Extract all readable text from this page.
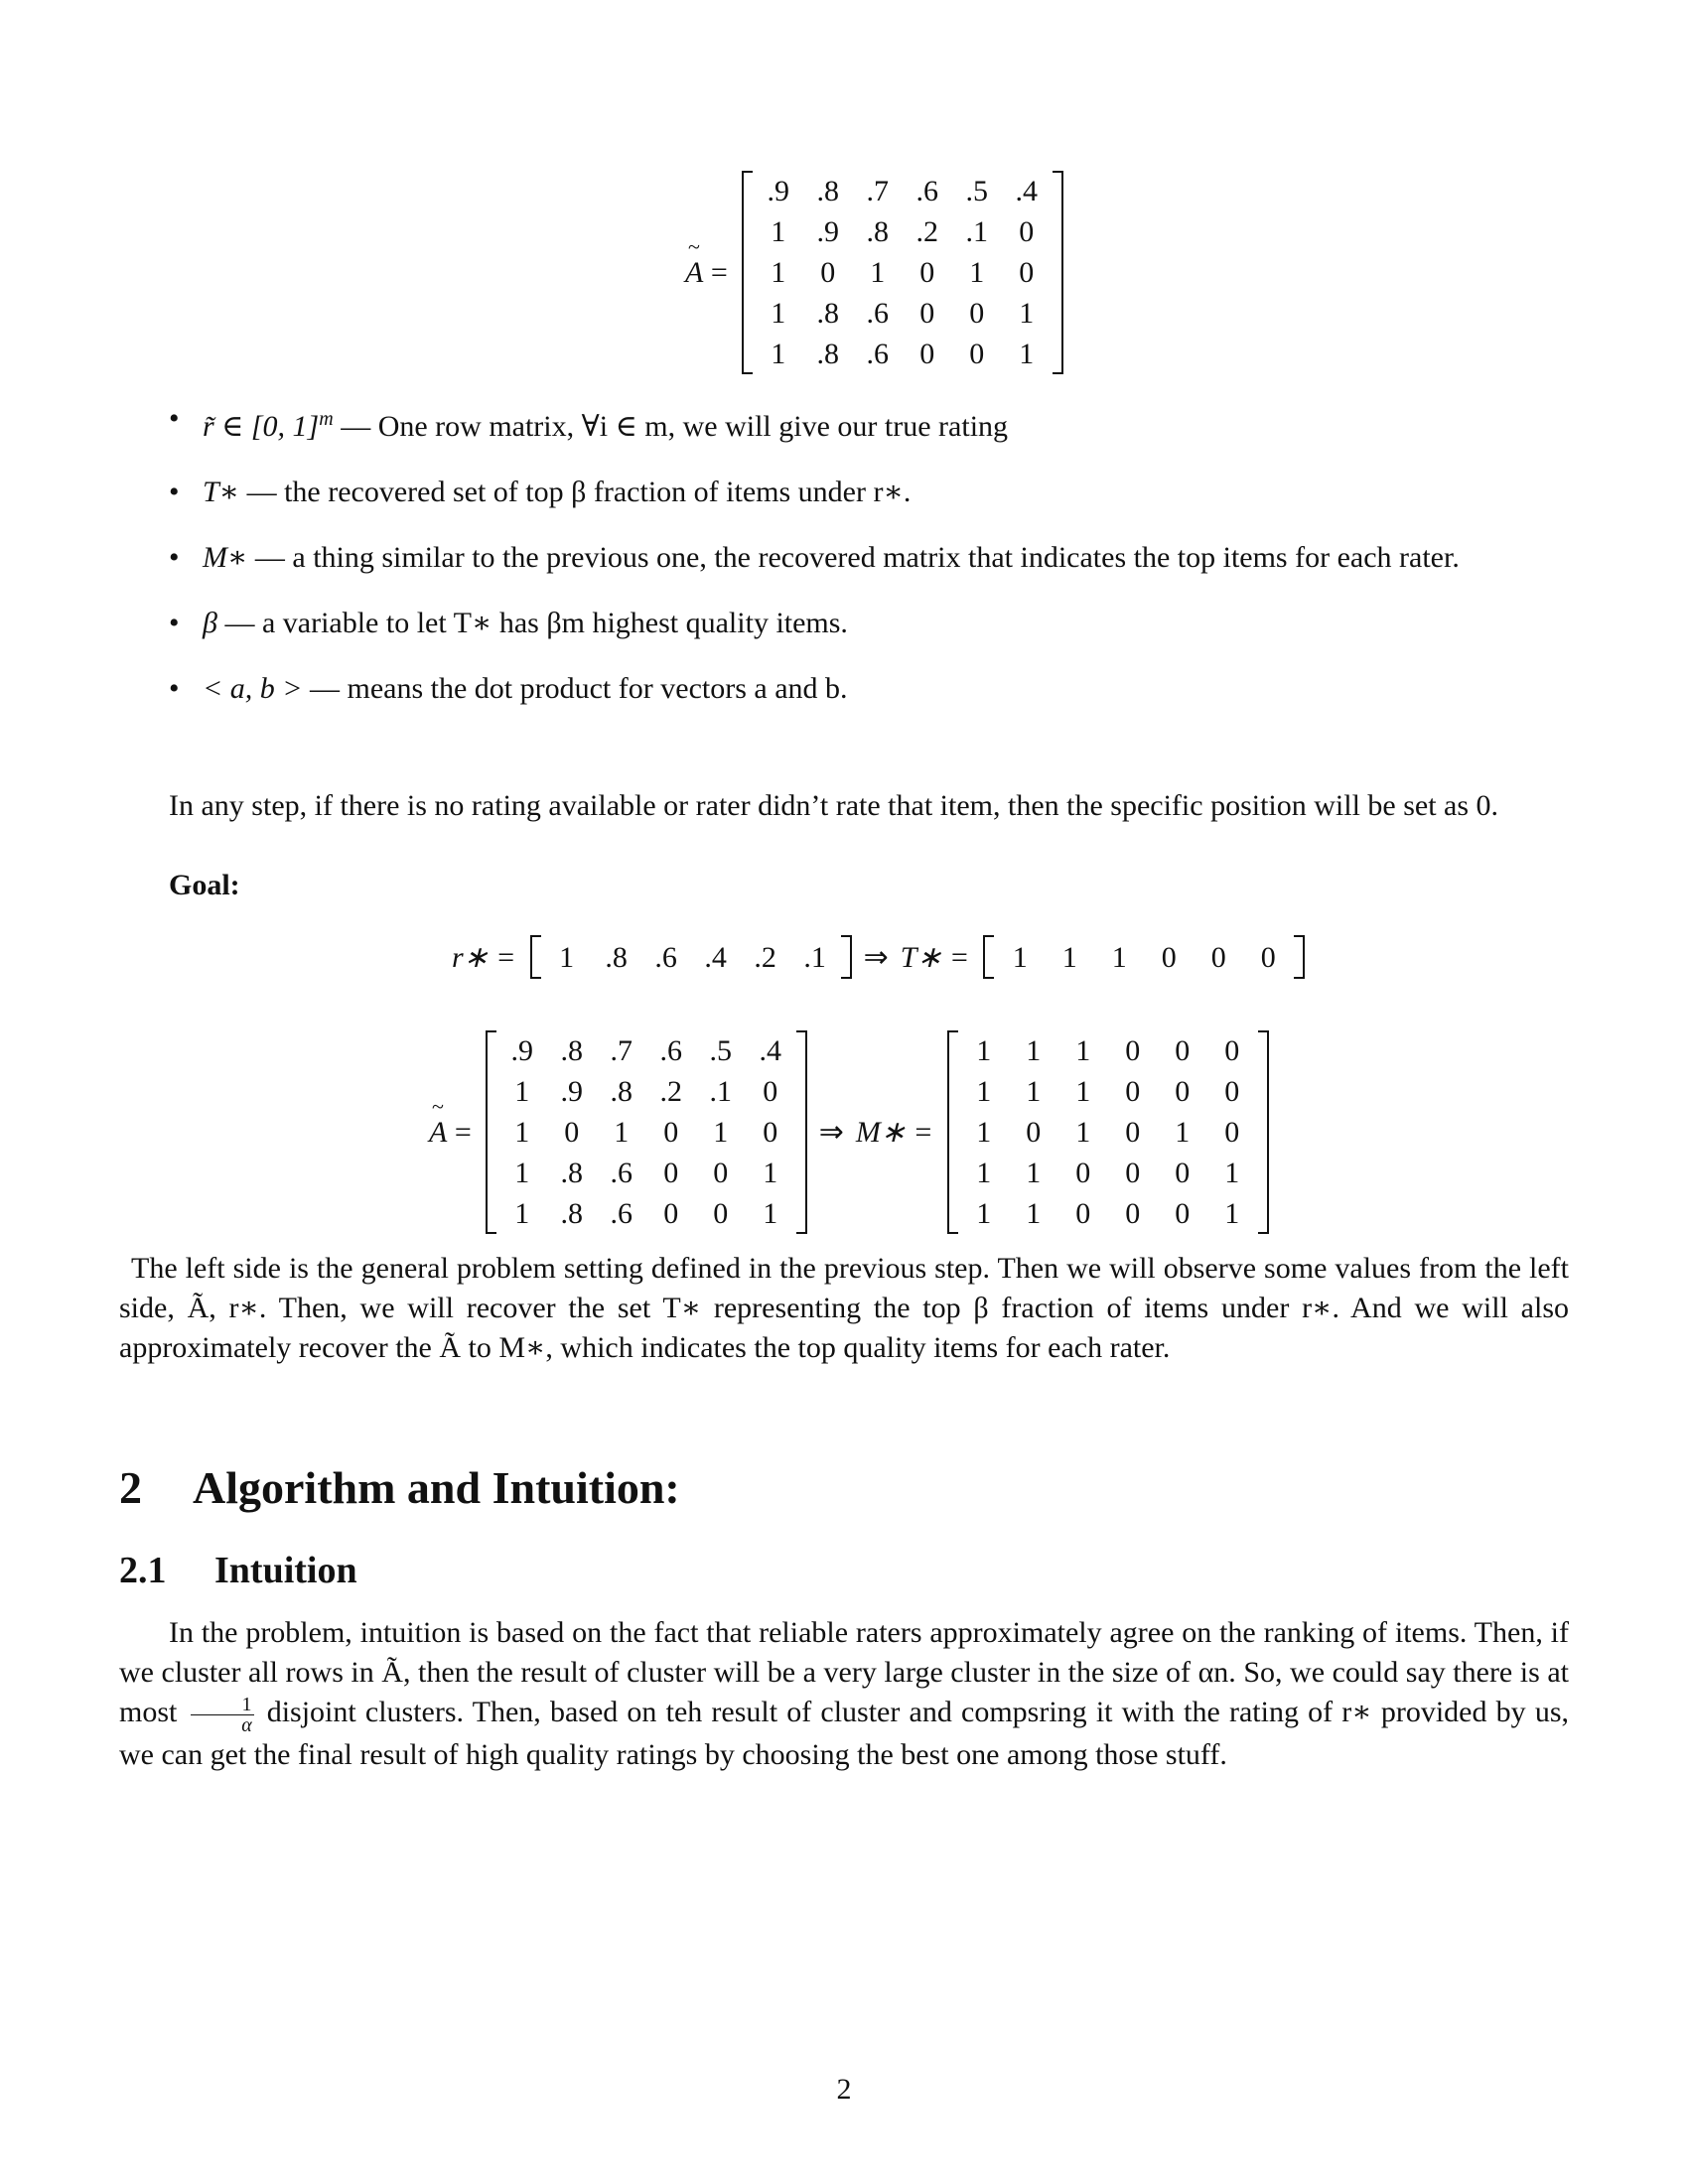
~ A =
.9	.8	.7	.6	.5	.4
1	.9	.8	.2	.1	0
1	0	1	0	1	0
1	.8	.6	0	0	1
1	.8	.6	0	0	1
• r̃ ∈ [0, 1]$^m$ — One row matrix, ∀i ∈ m, we will give our true rating
• T∗ — the recovered set of top β fraction of items under r∗.
• M∗ — a thing similar to the previous one, the recovered matrix that indicates the top items for each rater.
• β — a variable to let T∗ has βm highest quality items.
• < a, b > — means the dot product for vectors a and b.
In any step, if there is no rating available or rater didn’t rate that item, then the specific position will be set as 0.
Goal:
r∗ = 1	.8	.6	.4	.2	.1 ⇒ T∗ = 1	1	1	0	0	0
~ A =
.9	.8	.7	.6	.5	.4
1	.9	.8	.2	.1	0
1	0	1	0	1	0
1	.8	.6	0	0	1
1	.8	.6	0	0	1
⇒ M∗ =
1	1	1	0	0	0
1	1	1	0	0	0
1	0	1	0	1	0
1	1	0	0	0	1
1	1	0	0	0	1
The left side is the general problem setting defined in the previous step. Then we will observe some values from the left side, Ã, r∗. Then, we will recover the set T∗ representing the top β fraction of items under r∗. And we will also approximately recover the Ã to M∗, which indicates the top quality items for each rater.
2 Algorithm and Intuition:
2.1 Intuition
In the problem, intuition is based on the fact that reliable raters approximately agree on the ranking of items. Then, if we cluster all rows in Ã, then the result of cluster will be a very large cluster in the size of αn. So, we could say there is at most $\frac{1}{\alpha}$ disjoint clusters. Then, based on teh result of cluster and compsring it with the rating of r∗ provided by us, we can get the final result of high quality ratings by choosing the best one among those stuff.
2
